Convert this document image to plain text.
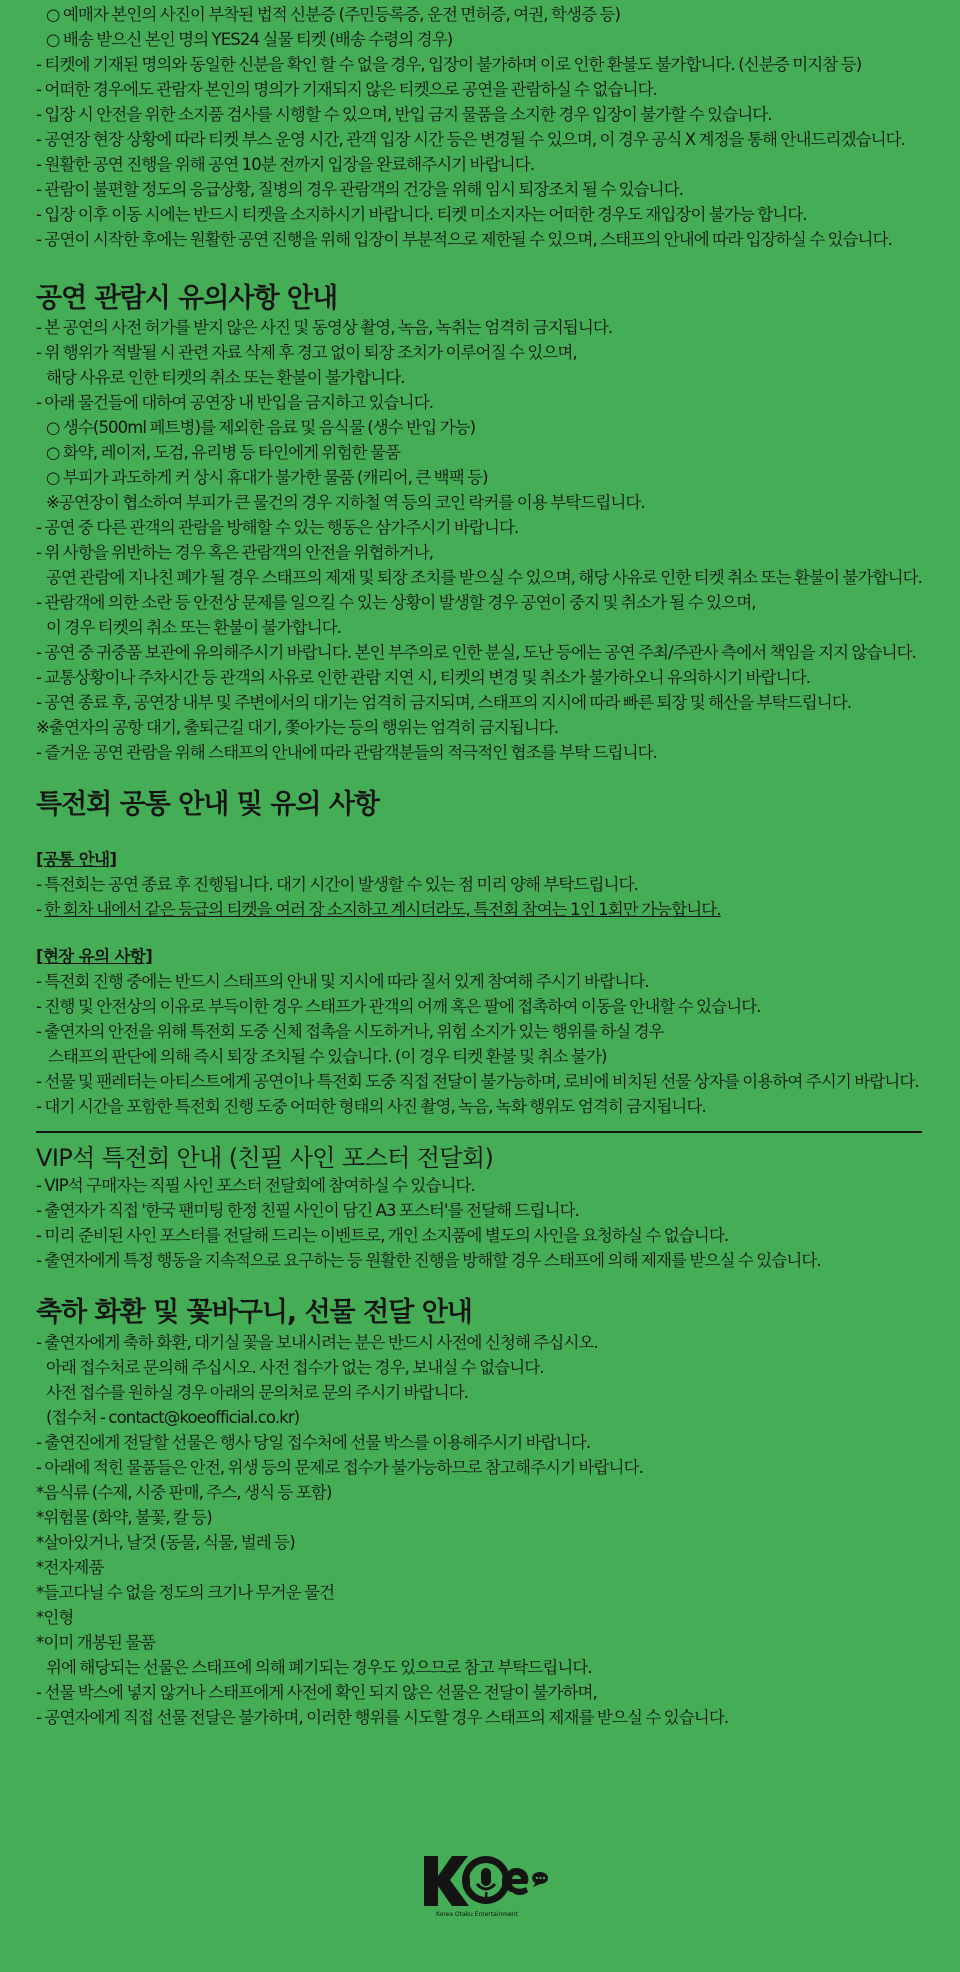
○ 예매자 본인의 사진이 부착된 법적 신분증 (주민등록증, 운전 면허증, 여권, 학생증 등)
○ 배송 받으신 본인 명의 YES24 실물 티켓 (배송 수령의 경우)
- 티켓에 기재된 명의와 동일한 신분을 확인 할 수 없을 경우, 입장이 불가하며 이로 인한 환불도 불가합니다. (신분증 미지참 등)
- 어떠한 경우에도 관람자 본인의 명의가 기재되지 않은 티켓으로 공연을 관람하실 수 없습니다.
- 입장 시 안전을 위한 소지품 검사를 시행할 수 있으며, 반입 금지 물품을 소지한 경우 입장이 불가할 수 있습니다.
- 공연장 현장 상황에 따라 티켓 부스 운영 시간, 관객 입장 시간 등은 변경될 수 있으며, 이 경우 공식 X 계정을 통해 안내드리겠습니다.
- 원활한 공연 진행을 위해 공연 10분 전까지 입장을 완료해주시기 바랍니다.
- 관람이 불편할 정도의 응급상황, 질병의 경우 관람객의 건강을 위해 임시 퇴장조치 될 수 있습니다.
- 입장 이후 이동 시에는 반드시 티켓을 소지하시기 바랍니다. 티켓 미소지자는 어떠한 경우도 재입장이 불가능 합니다.
- 공연이 시작한 후에는 원활한 공연 진행을 위해 입장이 부분적으로 제한될 수 있으며, 스태프의 안내에 따라 입장하실 수 있습니다.
공연 관람시 유의사항 안내
- 본 공연의 사전 허가를 받지 않은 사진 및 동영상 촬영, 녹음, 녹취는 엄격히 금지됩니다.
- 위 행위가 적발될 시 관련 자료 삭제 후 경고 없이 퇴장 조치가 이루어질 수 있으며,
해당 사유로 인한 티켓의 취소 또는 환불이 불가합니다.
- 아래 물건들에 대하여 공연장 내 반입을 금지하고 있습니다.
○ 생수(500ml 페트병)를 제외한 음료 및 음식물 (생수 반입 가능)
○ 화약, 레이저, 도검, 유리병 등 타인에게 위험한 물품
○ 부피가 과도하게 커 상시 휴대가 불가한 물품 (캐리어, 큰 백팩 등)
※공연장이 협소하여 부피가 큰 물건의 경우 지하철 역 등의 코인 락커를 이용 부탁드립니다.
- 공연 중 다른 관객의 관람을 방해할 수 있는 행동은 삼가주시기 바랍니다.
- 위 사항을 위반하는 경우 혹은 관람객의 안전을 위협하거나,
공연 관람에 지나친 폐가 될 경우 스태프의 제재 및 퇴장 조치를 받으실 수 있으며, 해당 사유로 인한 티켓 취소 또는 환불이 불가합니다.
- 관람객에 의한 소란 등 안전상 문제를 일으킬 수 있는 상황이 발생할 경우 공연이 중지 및 취소가 될 수 있으며,
이 경우 티켓의 취소 또는 환불이 불가합니다.
- 공연 중 귀중품 보관에 유의해주시기 바랍니다. 본인 부주의로 인한 분실, 도난 등에는 공연 주최/주관사 측에서 책임을 지지 않습니다.
- 교통상황이나 주차시간 등 관객의 사유로 인한 관람 지연 시, 티켓의 변경 및 취소가 불가하오니 유의하시기 바랍니다.
- 공연 종료 후, 공연장 내부 및 주변에서의 대기는 엄격히 금지되며, 스태프의 지시에 따라 빠른 퇴장 및 해산을 부탁드립니다.
※출연자의 공항 대기, 출퇴근길 대기, 쫓아가는 등의 행위는 엄격히 금지됩니다.
- 즐거운 공연 관람을 위해 스태프의 안내에 따라 관람객분들의 적극적인 협조를 부탁 드립니다.
특전회 공통 안내 및 유의 사항
[공통 안내]
- 특전회는 공연 종료 후 진행됩니다. 대기 시간이 발생할 수 있는 점 미리 양해 부탁드립니다.
- 한 회차 내에서 같은 등급의 티켓을 여러 장 소지하고 계시더라도, 특전회 참여는 1인 1회만 가능합니다.
[현장 유의 사항]
- 특전회 진행 중에는 반드시 스태프의 안내 및 지시에 따라 질서 있게 참여해 주시기 바랍니다.
- 진행 및 안전상의 이유로 부득이한 경우 스태프가 관객의 어깨 혹은 팔에 접촉하여 이동을 안내할 수 있습니다.
- 출연자의 안전을 위해 특전회 도중 신체 접촉을 시도하거나, 위험 소지가 있는 행위를 하실 경우
스태프의 판단에 의해 즉시 퇴장 조치될 수 있습니다. (이 경우 티켓 환불 및 취소 불가)
- 선물 및 팬레터는 아티스트에게 공연이나 특전회 도중 직접 전달이 불가능하며, 로비에 비치된 선물 상자를 이용하여 주시기 바랍니다.
- 대기 시간을 포함한 특전회 진행 도중 어떠한 형태의 사진 촬영, 녹음, 녹화 행위도 엄격히 금지됩니다.
VIP석 특전회 안내 (친필 사인 포스터 전달회)
- VIP석 구매자는 직필 사인 포스터 전달회에 참여하실 수 있습니다.
- 출연자가 직접 '한국 팬미팅 한정 친필 사인이 담긴 A3 포스터'를 전달해 드립니다.
- 미리 준비된 사인 포스터를 전달해 드리는 이벤트로, 개인 소지품에 별도의 사인을 요청하실 수 없습니다.
- 출연자에게 특정 행동을 지속적으로 요구하는 등 원활한 진행을 방해할 경우 스태프에 의해 제재를 받으실 수 있습니다.
축하 화환 및 꽃바구니, 선물 전달 안내
- 출연자에게 축하 화환, 대기실 꽃을 보내시려는 분은 반드시 사전에 신청해 주십시오.
아래 접수처로 문의해 주십시오. 사전 접수가 없는 경우, 보내실 수 없습니다.
사전 접수를 원하실 경우 아래의 문의처로 문의 주시기 바랍니다.
(접수처 - contact@koeofficial.co.kr)
- 출연진에게 전달할 선물은 행사 당일 접수처에 선물 박스를 이용해주시기 바랍니다.
- 아래에 적힌 물품들은 안전, 위생 등의 문제로 접수가 불가능하므로 참고해주시기 바랍니다.
*음식류 (수제, 시중 판매, 주스, 생식 등 포함)
*위험물 (화약, 불꽃, 칼 등)
*살아있거나, 날것 (동물, 식물, 벌레 등)
*전자제품
*들고다닐 수 없을 정도의 크기나 무거운 물건
*인형
*이미 개봉된 물품
위에 해당되는 선물은 스태프에 의해 폐기되는 경우도 있으므로 참고 부탁드립니다.
- 선물 박스에 넣지 않거나 스태프에게 사전에 확인 되지 않은 선물은 전달이 불가하며,
- 공연자에게 직접 선물 전달은 불가하며, 이러한 행위를 시도할 경우 스태프의 제재를 받으실 수 있습니다.
Korea Otaku Entertainment
